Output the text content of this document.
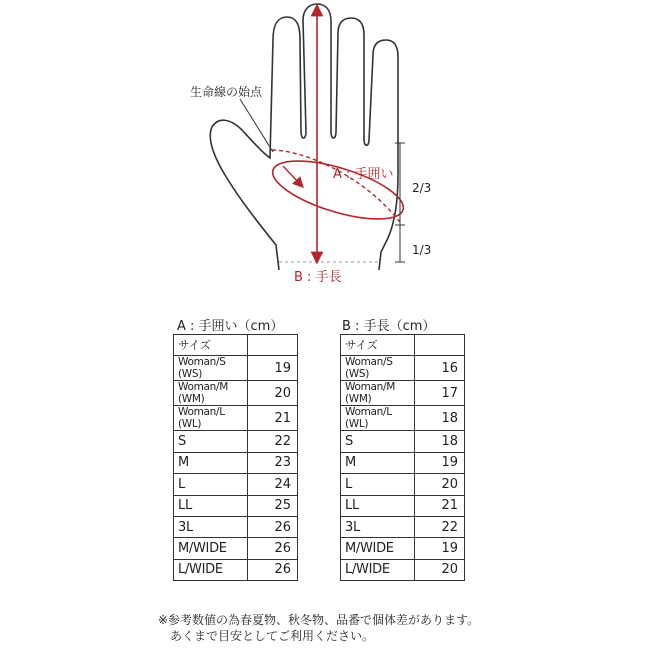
生命線の始点
A : 手囲い
B : 手長
2/3
1/3
A : 手囲い（cm）
サイズ	
Woman/S (WS)	19
Woman/M (WM)	20
Woman/L (WL)	21
S	22
M	23
L	24
LL	25
3L	26
M/WIDE	26
L/WIDE	26
B : 手長（cm）
サイズ	
Woman/S (WS)	16
Woman/M (WM)	17
Woman/L (WL)	18
S	18
M	19
L	20
LL	21
3L	22
M/WIDE	19
L/WIDE	20
※参考数値の為春夏物、秋冬物、品番で個体差があります。
あくまで目安としてご利用ください。
